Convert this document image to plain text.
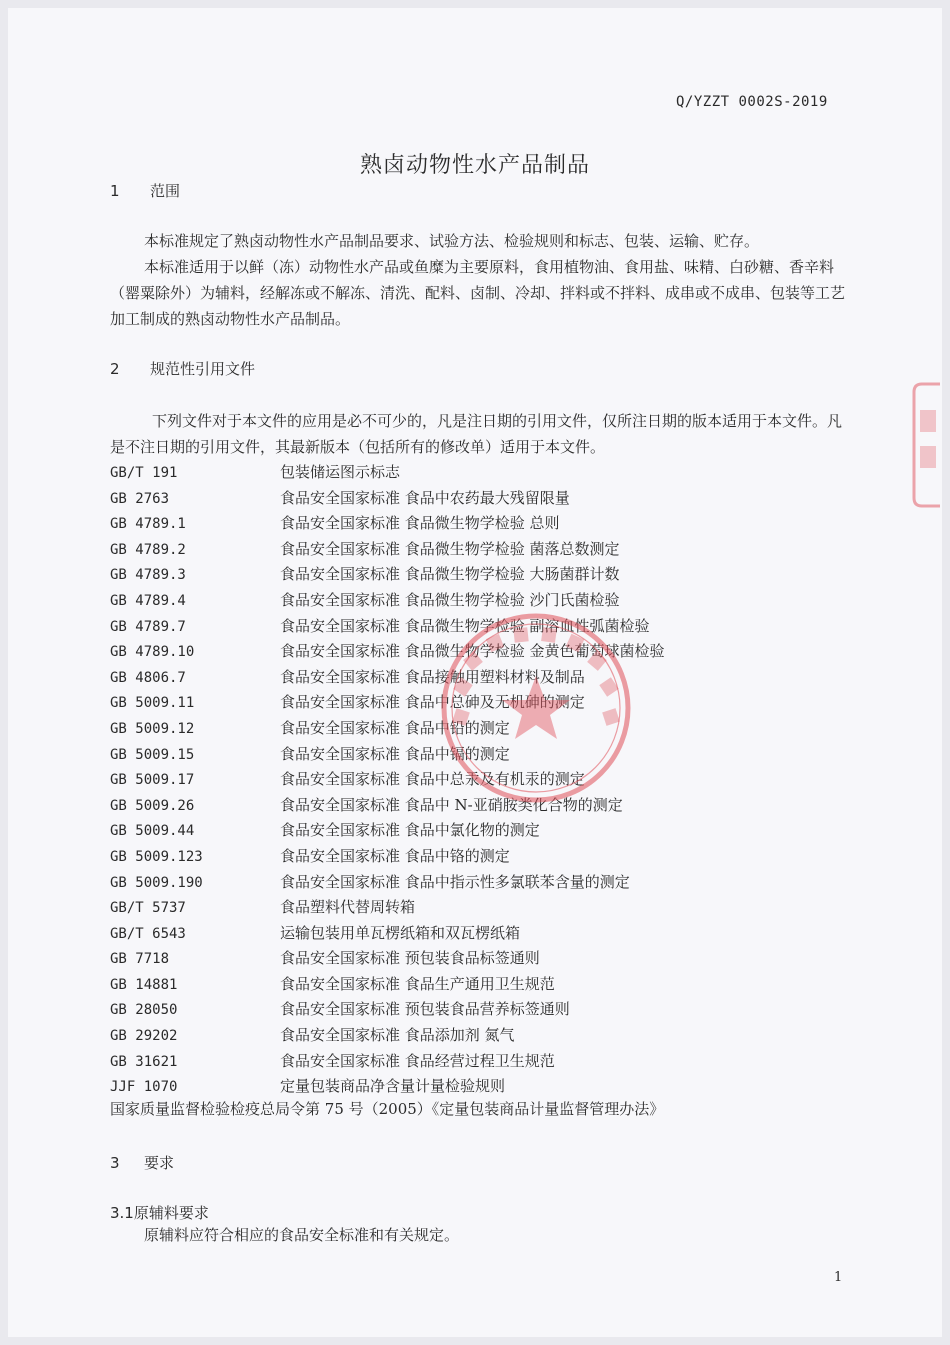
Q/YZZT 0002S-2019
熟卤动物性水产品制品
1 范围
本标准规定了熟卤动物性水产品制品要求、试验方法、检验规则和标志、包装、运输、贮存。
本标准适用于以鲜（冻）动物性水产品或鱼糜为主要原料，食用植物油、食用盐、味精、白砂糖、香辛料（罂粟除外）为辅料，经解冻或不解冻、清洗、配料、卤制、冷却、拌料或不拌料、成串或不成串、包装等工艺加工制成的熟卤动物性水产品制品。
2 规范性引用文件
下列文件对于本文件的应用是必不可少的，凡是注日期的引用文件，仅所注日期的版本适用于本文件。凡是不注日期的引用文件，其最新版本（包括所有的修改单）适用于本文件。
GB/T 191	包装储运图示标志
GB 2763	食品安全国家标准 食品中农药最大残留限量
GB 4789.1	食品安全国家标准 食品微生物学检验 总则
GB 4789.2	食品安全国家标准 食品微生物学检验 菌落总数测定
GB 4789.3	食品安全国家标准 食品微生物学检验 大肠菌群计数
GB 4789.4	食品安全国家标准 食品微生物学检验 沙门氏菌检验
GB 4789.7	食品安全国家标准 食品微生物学检验 副溶血性弧菌检验
GB 4789.10	食品安全国家标准 食品微生物学检验 金黄色葡萄球菌检验
GB 4806.7	食品安全国家标准 食品接触用塑料材料及制品
GB 5009.11	食品安全国家标准 食品中总砷及无机砷的测定
GB 5009.12	食品安全国家标准 食品中铅的测定
GB 5009.15	食品安全国家标准 食品中镉的测定
GB 5009.17	食品安全国家标准 食品中总汞及有机汞的测定
GB 5009.26	食品安全国家标准 食品中 N-亚硝胺类化合物的测定
GB 5009.44	食品安全国家标准 食品中氯化物的测定
GB 5009.123	食品安全国家标准 食品中铬的测定
GB 5009.190	食品安全国家标准 食品中指示性多氯联苯含量的测定
GB/T 5737	食品塑料代替周转箱
GB/T 6543	运输包装用单瓦楞纸箱和双瓦楞纸箱
GB 7718	食品安全国家标准 预包装食品标签通则
GB 14881	食品安全国家标准 食品生产通用卫生规范
GB 28050	食品安全国家标准 预包装食品营养标签通则
GB 29202	食品安全国家标准 食品添加剂 氮气
GB 31621	食品安全国家标准 食品经营过程卫生规范
JJF 1070	定量包装商品净含量计量检验规则
国家质量监督检验检疫总局令第 75 号（2005）《定量包装商品计量监督管理办法》
3 要求
3.1原辅料要求
原辅料应符合相应的食品安全标准和有关规定。
1
